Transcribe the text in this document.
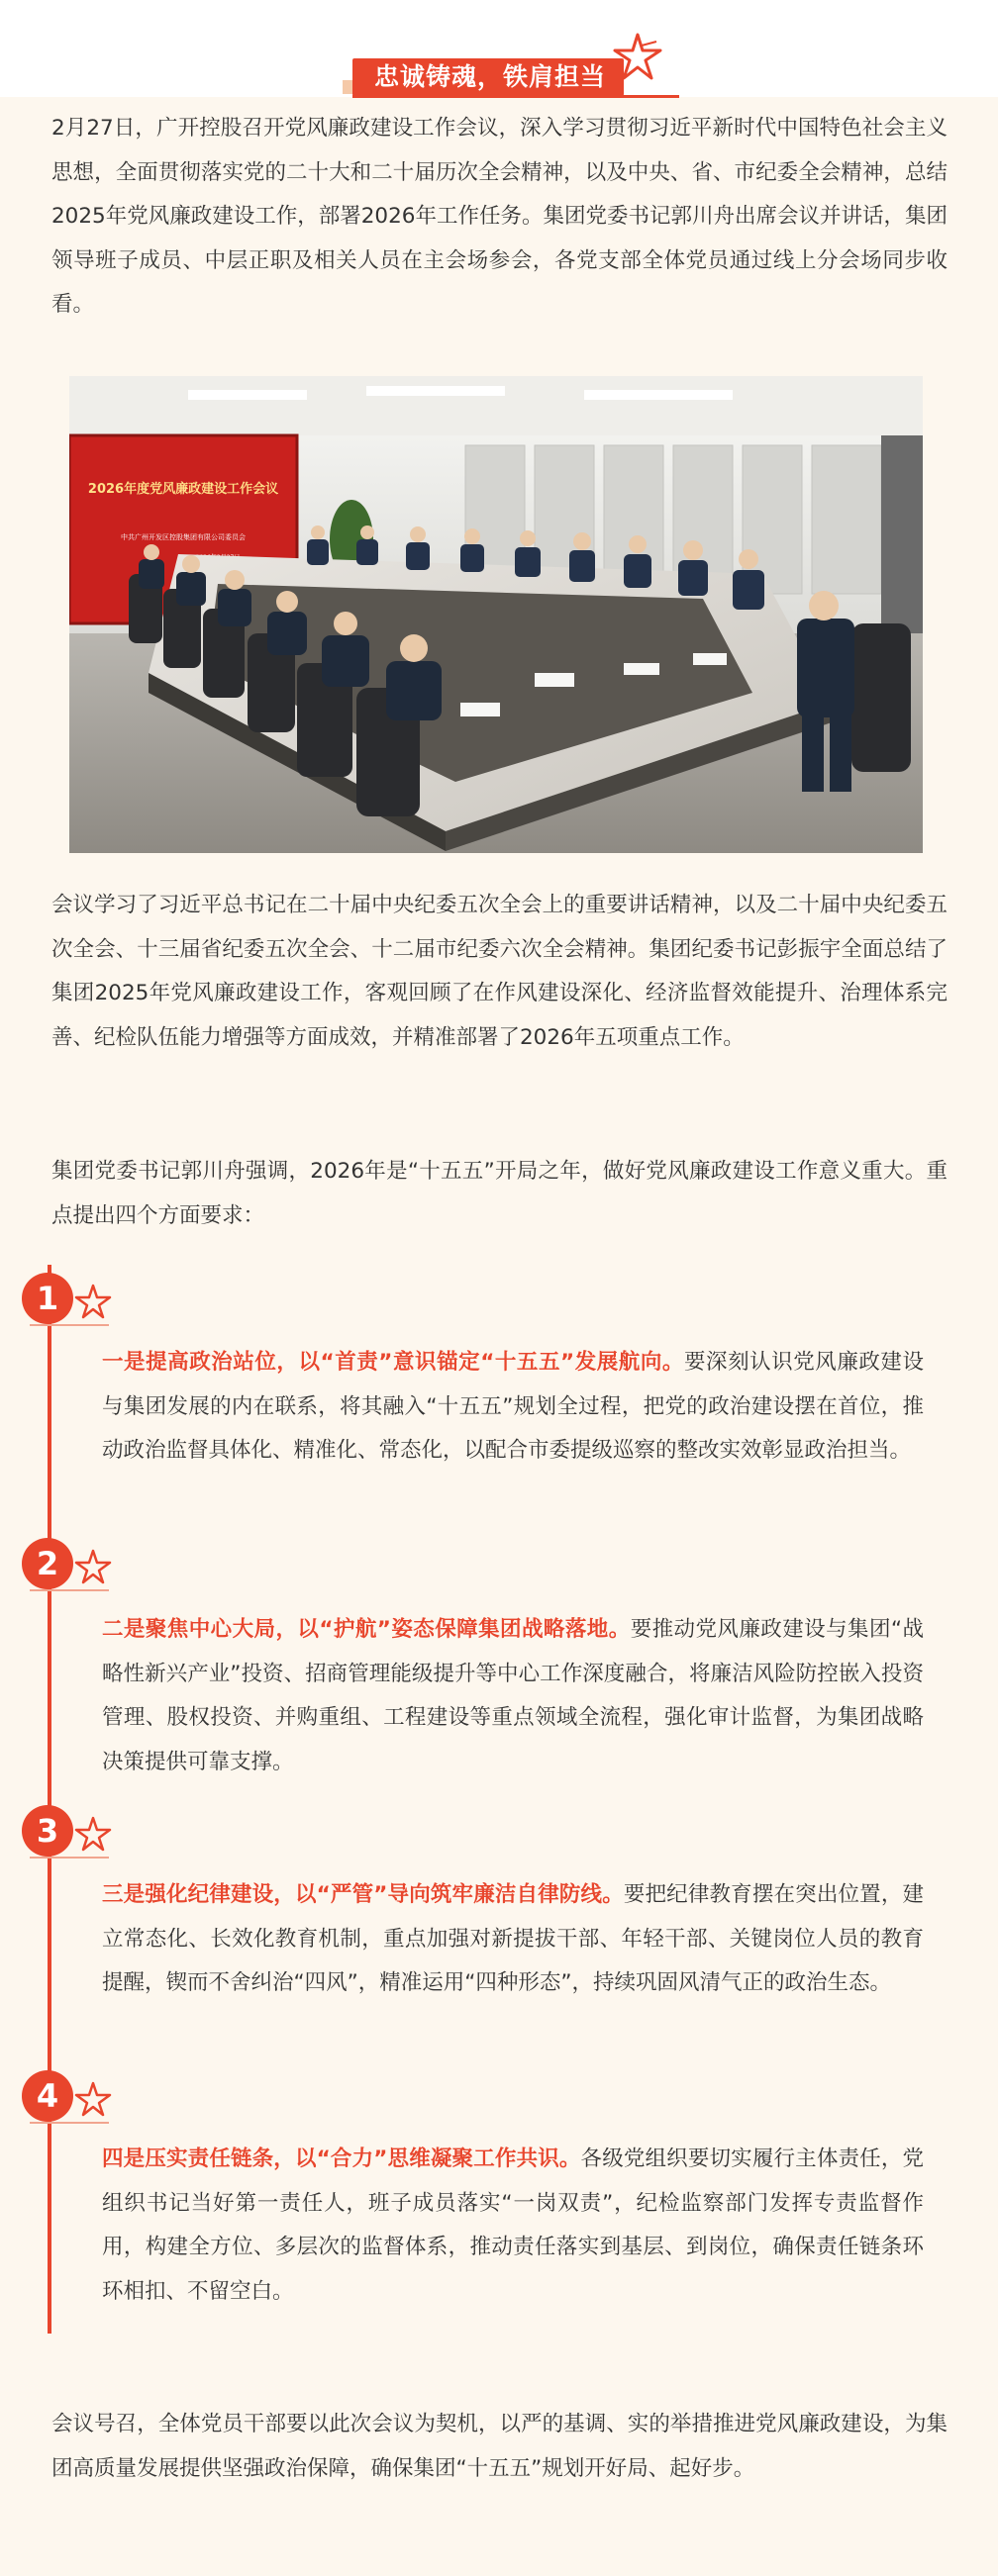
忠诚铸魂，铁肩担当

2月27日，广开控股召开党风廉政建设工作会议，深入学习贯彻习近平新时代中国特色社会主义思想，全面贯彻落实党的二十大和二十届历次全会精神，以及中央、省、市纪委全会精神，总结2025年党风廉政建设工作，部署2026年工作任务。集团党委书记郭川舟出席会议并讲话，集团领导班子成员、中层正职及相关人员在主会场参会，各党支部全体党员通过线上分会场同步收看。

2026年度党风廉政建设工作会议
中共广州开发区控股集团有限公司委员会

会议学习了习近平总书记在二十届中央纪委五次全会上的重要讲话精神，以及二十届中央纪委五次全会、十三届省纪委五次全会、十二届市纪委六次全会精神。集团纪委书记彭振宇全面总结了集团2025年党风廉政建设工作，客观回顾了在作风建设深化、经济监督效能提升、治理体系完善、纪检队伍能力增强等方面成效，并精准部署了2026年五项重点工作。

集团党委书记郭川舟强调，2026年是“十五五”开局之年，做好党风廉政建设工作意义重大。重点提出四个方面要求：

1

一是提高政治站位，以“首责”意识锚定“十五五”发展航向。要深刻认识党风廉政建设与集团发展的内在联系，将其融入“十五五”规划全过程，把党的政治建设摆在首位，推动政治监督具体化、精准化、常态化，以配合市委提级巡察的整改实效彰显政治担当。

2

二是聚焦中心大局，以“护航”姿态保障集团战略落地。要推动党风廉政建设与集团“战略性新兴产业”投资、招商管理能级提升等中心工作深度融合，将廉洁风险防控嵌入投资管理、股权投资、并购重组、工程建设等重点领域全流程，强化审计监督，为集团战略决策提供可靠支撑。

3

三是强化纪律建设，以“严管”导向筑牢廉洁自律防线。要把纪律教育摆在突出位置，建立常态化、长效化教育机制，重点加强对新提拔干部、年轻干部、关键岗位人员的教育提醒，锲而不舍纠治“四风”，精准运用“四种形态”，持续巩固风清气正的政治生态。

4

四是压实责任链条，以“合力”思维凝聚工作共识。各级党组织要切实履行主体责任，党组织书记当好第一责任人，班子成员落实“一岗双责”，纪检监察部门发挥专责监督作用，构建全方位、多层次的监督体系，推动责任落实到基层、到岗位，确保责任链条环环相扣、不留空白。

会议号召，全体党员干部要以此次会议为契机，以严的基调、实的举措推进党风廉政建设，为集团高质量发展提供坚强政治保障，确保集团“十五五”规划开好局、起好步。
